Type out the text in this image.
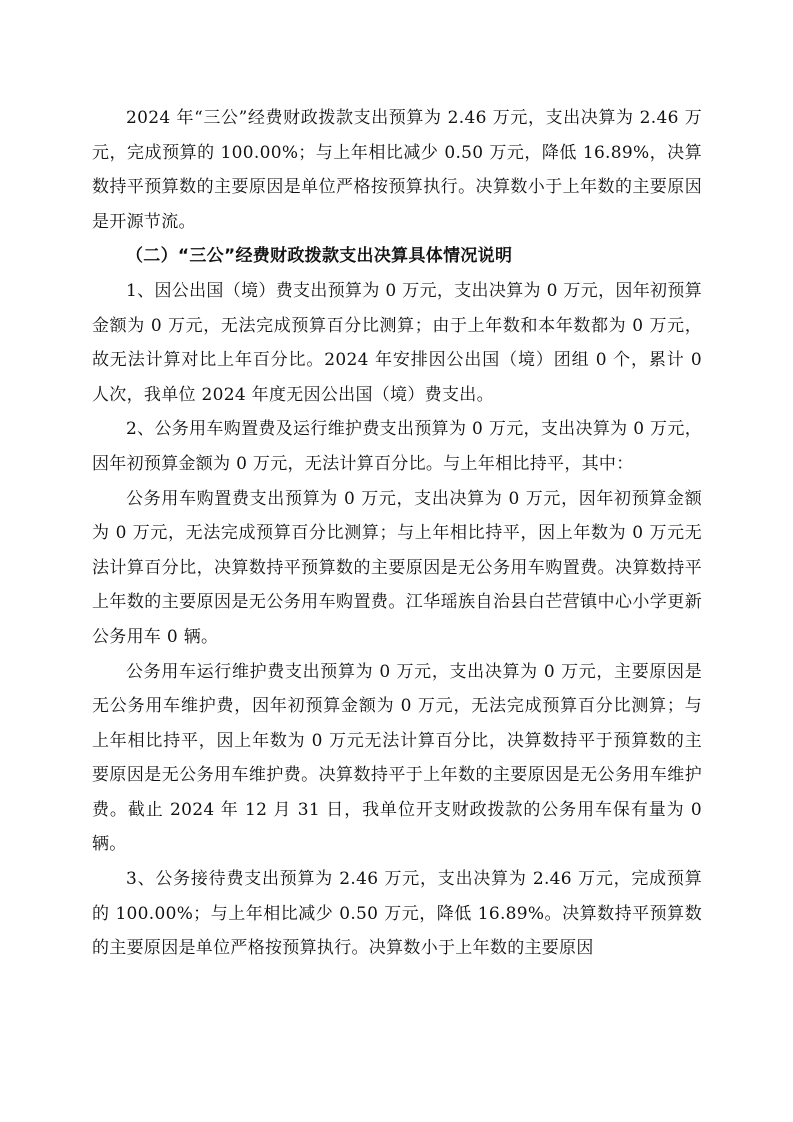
2024 年“三公”经费财政拨款支出预算为 2.46 万元，支出决算为 2.46 万元，完成预算的 100.00%；与上年相比减少 0.50 万元，降低 16.89%，决算数持平预算数的主要原因是单位严格按预算执行。决算数小于上年数的主要原因是开源节流。

（二）“三公”经费财政拨款支出决算具体情况说明

1、因公出国（境）费支出预算为 0 万元，支出决算为 0 万元，因年初预算金额为 0 万元，无法完成预算百分比测算；由于上年数和本年数都为 0 万元，故无法计算对比上年百分比。2024 年安排因公出国（境）团组 0 个，累计 0 人次，我单位 2024 年度无因公出国（境）费支出。

2、公务用车购置费及运行维护费支出预算为 0 万元，支出决算为 0 万元，因年初预算金额为 0 万元，无法计算百分比。与上年相比持平，其中：

公务用车购置费支出预算为 0 万元，支出决算为 0 万元，因年初预算金额为 0 万元，无法完成预算百分比测算；与上年相比持平，因上年数为 0 万元无法计算百分比，决算数持平预算数的主要原因是无公务用车购置费。决算数持平上年数的主要原因是无公务用车购置费。江华瑶族自治县白芒营镇中心小学更新公务用车 0 辆。

公务用车运行维护费支出预算为 0 万元，支出决算为 0 万元，主要原因是无公务用车维护费，因年初预算金额为 0 万元，无法完成预算百分比测算；与上年相比持平，因上年数为 0 万元无法计算百分比，决算数持平于预算数的主要原因是无公务用车维护费。决算数持平于上年数的主要原因是无公务用车维护费。截止 2024 年 12 月 31 日，我单位开支财政拨款的公务用车保有量为 0 辆。

3、公务接待费支出预算为 2.46 万元，支出决算为 2.46 万元，完成预算的 100.00%；与上年相比减少 0.50 万元，降低 16.89%。决算数持平预算数的主要原因是单位严格按预算执行。决算数小于上年数的主要原因
